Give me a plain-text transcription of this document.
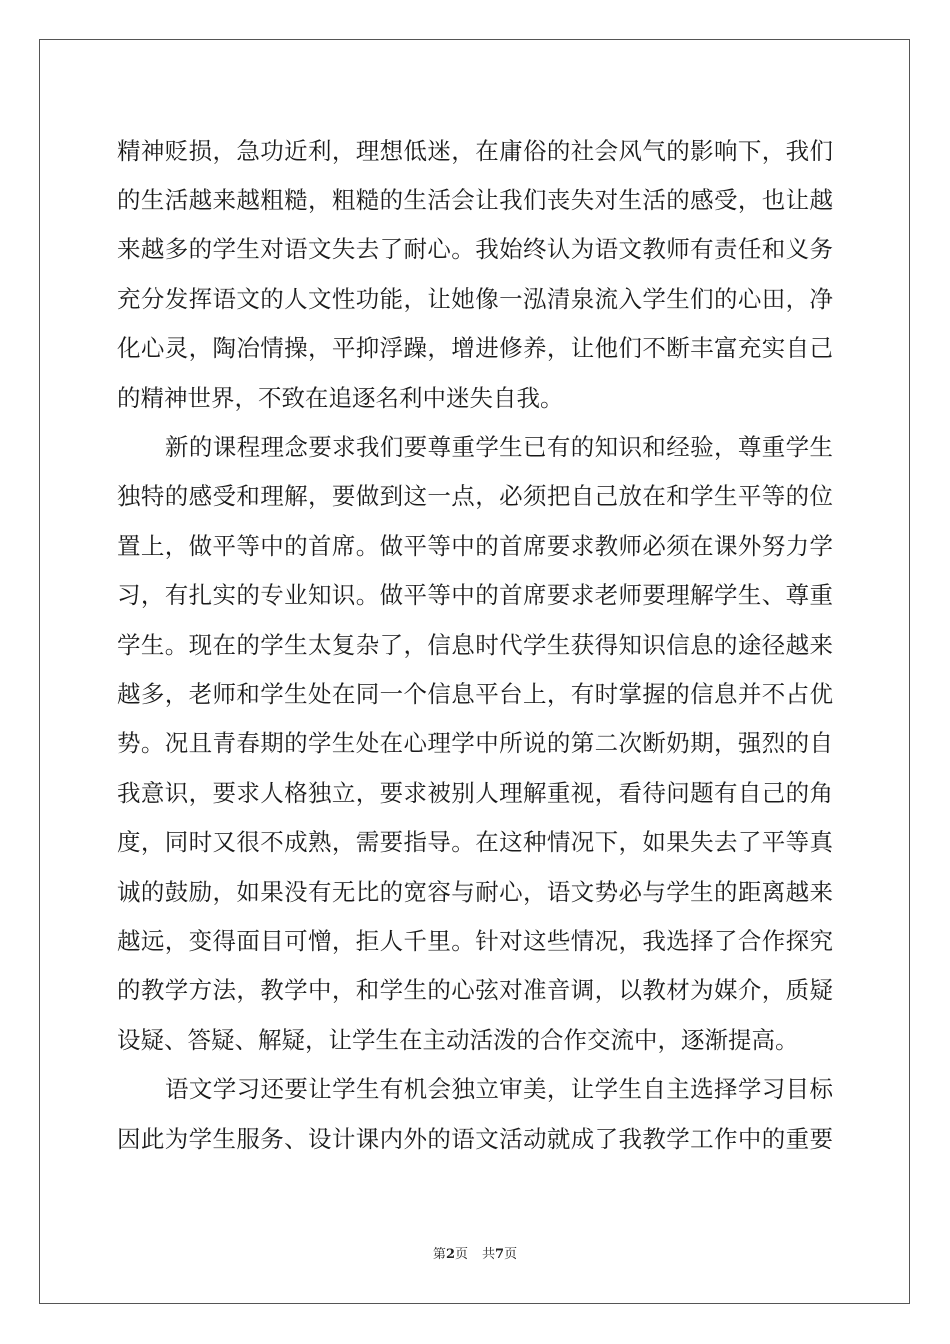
精神贬损，急功近利，理想低迷，在庸俗的社会风气的影响下，我们
的生活越来越粗糙，粗糙的生活会让我们丧失对生活的感受，也让越
来越多的学生对语文失去了耐心。我始终认为语文教师有责任和义务
充分发挥语文的人文性功能，让她像一泓清泉流入学生们的心田，净
化心灵，陶冶情操，平抑浮躁，增进修养，让他们不断丰富充实自己
的精神世界，不致在追逐名利中迷失自我。
新的课程理念要求我们要尊重学生已有的知识和经验，尊重学生
独特的感受和理解，要做到这一点，必须把自己放在和学生平等的位
置上，做平等中的首席。做平等中的首席要求教师必须在课外努力学
习，有扎实的专业知识。做平等中的首席要求老师要理解学生、尊重
学生。现在的学生太复杂了，信息时代学生获得知识信息的途径越来
越多，老师和学生处在同一个信息平台上，有时掌握的信息并不占优
势。况且青春期的学生处在心理学中所说的第二次断奶期，强烈的自
我意识，要求人格独立，要求被别人理解重视，看待问题有自己的角
度，同时又很不成熟，需要指导。在这种情况下，如果失去了平等真
诚的鼓励，如果没有无比的宽容与耐心，语文势必与学生的距离越来
越远，变得面目可憎，拒人千里。针对这些情况，我选择了合作探究
的教学方法，教学中，和学生的心弦对准音调，以教材为媒介，质疑
设疑、答疑、解疑，让学生在主动活泼的合作交流中，逐渐提高。
语文学习还要让学生有机会独立审美，让学生自主选择学习目标
因此为学生服务、设计课内外的语文活动就成了我教学工作中的重要
第2页 共7页
